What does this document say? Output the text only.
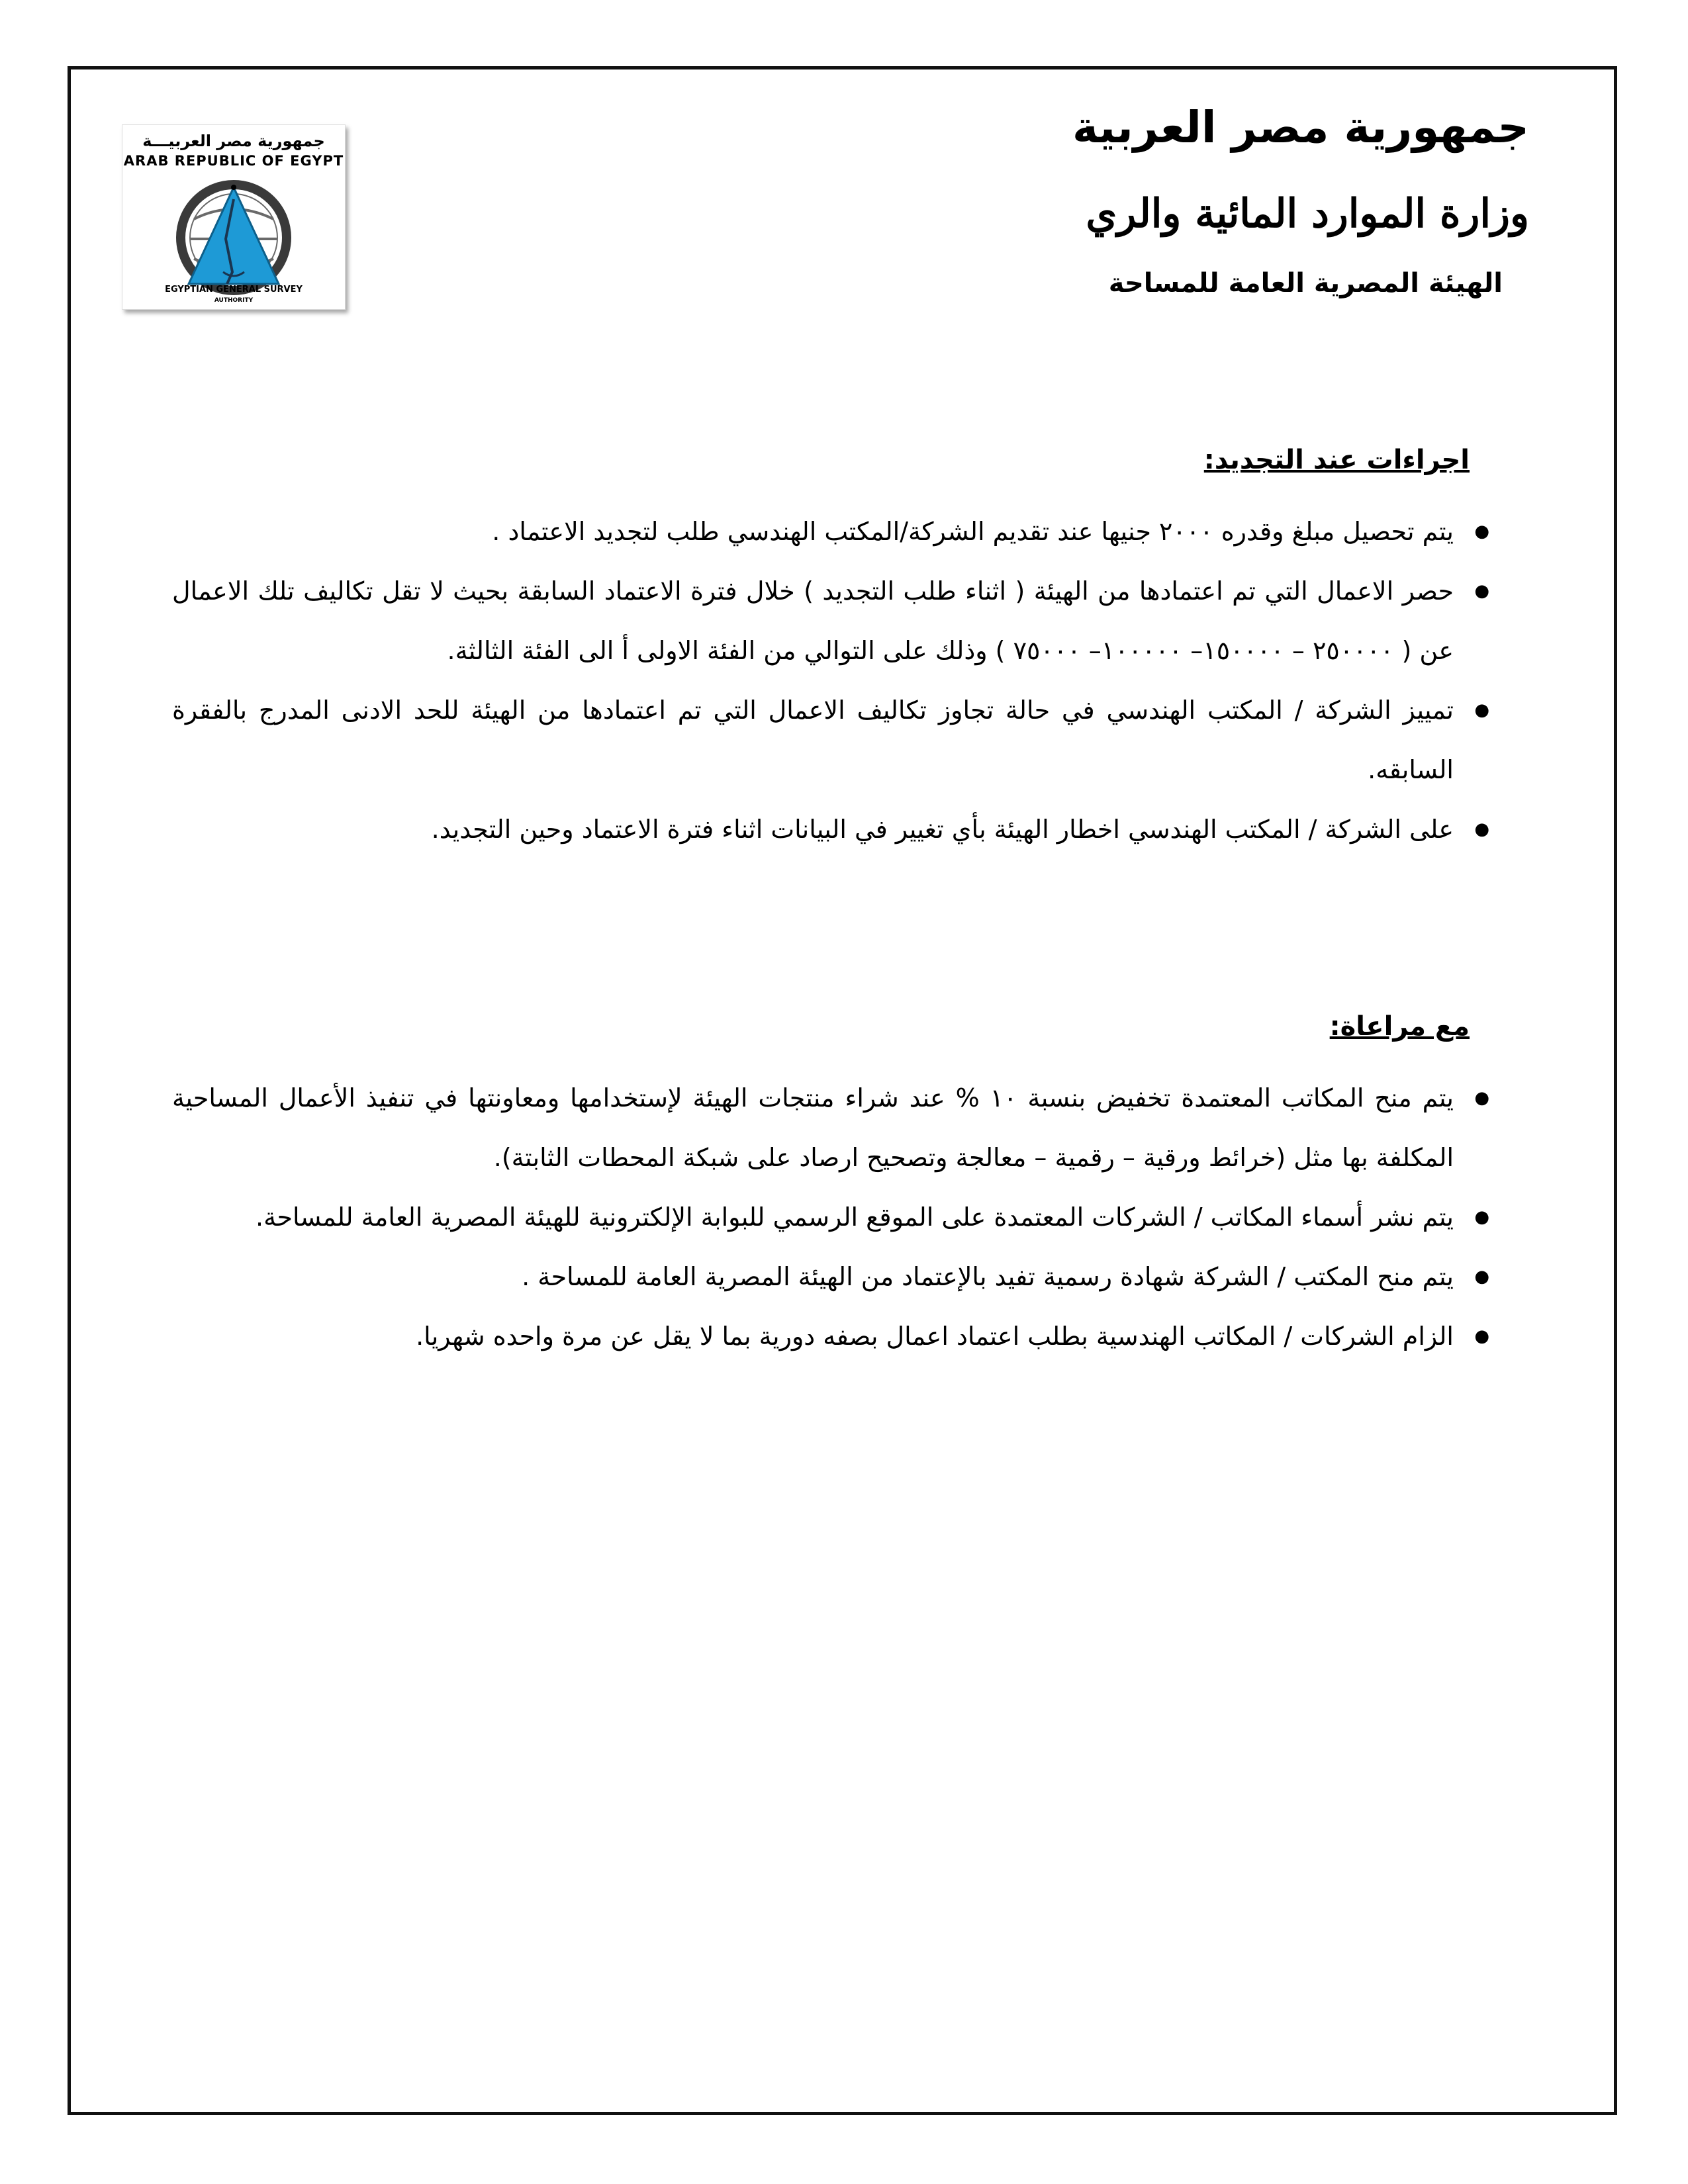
جمهورية مصر العربيـــة
ARAB REPUBLIC OF EGYPT
EGYPTIAN GENERAL SURVEY
AUTHORITY

جمهورية مصر العربية

وزارة الموارد المائية والري

الهيئة المصرية العامة للمساحة

اجراءات عند التجديد:

● يتم تحصيل مبلغ وقدره ٢٠٠٠ جنيها عند تقديم الشركة/المكتب الهندسي طلب لتجديد الاعتماد .
● حصر الاعمال التي تم اعتمادها من الهيئة ( اثناء طلب التجديد ) خلال فترة الاعتماد السابقة بحيث لا تقل تكاليف تلك الاعمال عن ( ٢٥٠٠٠٠ – ١٥٠٠٠٠– ١٠٠٠٠٠– ٧٥٠٠٠ ) وذلك على التوالي من الفئة الاولى أ الى الفئة الثالثة.
● تمييز الشركة / المكتب الهندسي في حالة تجاوز تكاليف الاعمال التي تم اعتمادها من الهيئة للحد الادنى المدرج بالفقرة السابقه.
● على الشركة / المكتب الهندسي اخطار الهيئة بأي تغيير في البيانات اثناء فترة الاعتماد وحين التجديد.

مع مراعاة:

● يتم منح المكاتب المعتمدة تخفيض بنسبة ١٠ % عند شراء منتجات الهيئة لإستخدامها ومعاونتها في تنفيذ الأعمال المساحية المكلفة بها مثل (خرائط ورقية – رقمية – معالجة وتصحيح ارصاد على شبكة المحطات الثابتة).
● يتم نشر أسماء المكاتب / الشركات المعتمدة على الموقع الرسمي للبوابة الإلكترونية للهيئة المصرية العامة للمساحة.
● يتم منح المكتب / الشركة شهادة رسمية تفيد بالإعتماد من الهيئة المصرية العامة للمساحة .
● الزام الشركات / المكاتب الهندسية بطلب اعتماد اعمال بصفه دورية بما لا يقل عن مرة واحده شهريا.
